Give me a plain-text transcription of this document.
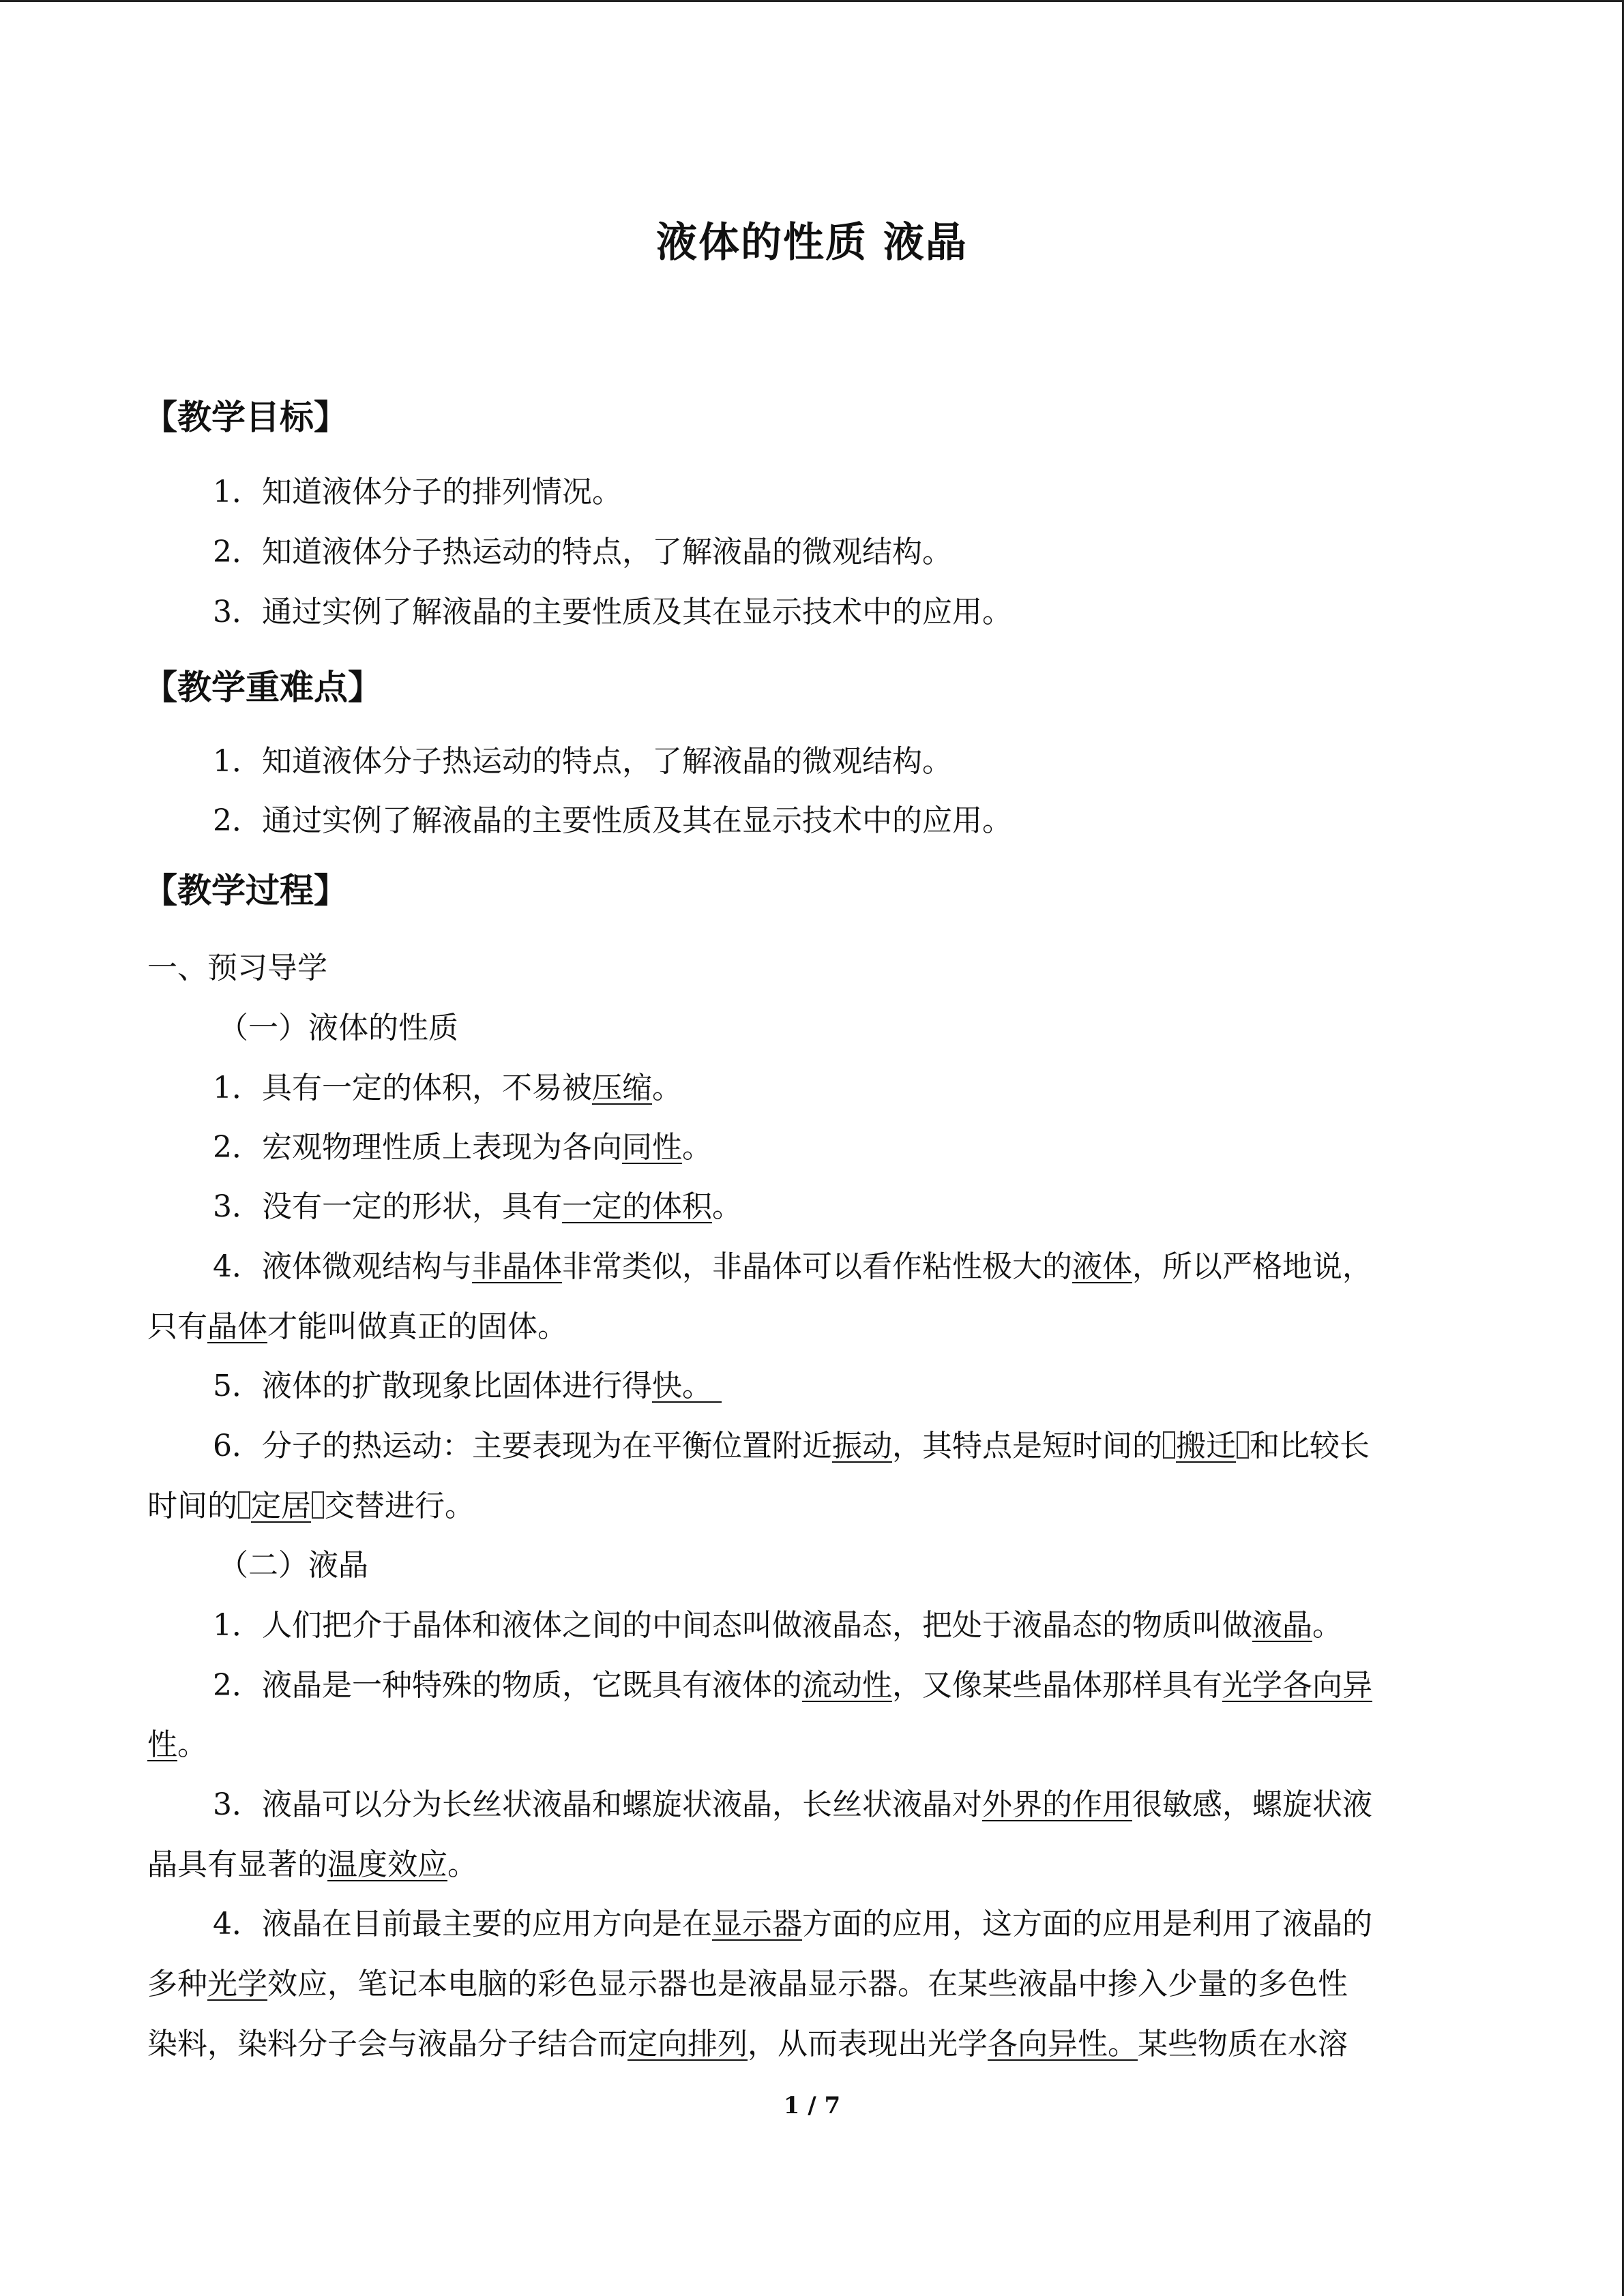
液体的性质 液晶
【教学目标】
1．知道液体分子的排列情况。
2．知道液体分子热运动的特点，了解液晶的微观结构。
3．通过实例了解液晶的主要性质及其在显示技术中的应用。
【教学重难点】
1．知道液体分子热运动的特点，了解液晶的微观结构。
2．通过实例了解液晶的主要性质及其在显示技术中的应用。
【教学过程】
一、预习导学
（一）液体的性质
1．具有一定的体积，不易被压缩。
2．宏观物理性质上表现为各向同性。
3．没有一定的形状，具有一定的体积。
4．液体微观结构与非晶体非常类似，非晶体可以看作粘性极大的液体，所以严格地说，
只有晶体才能叫做真正的固体。
5．液体的扩散现象比固体进行得快。
6．分子的热运动：主要表现为在平衡位置附近振动，其特点是短时间的 搬迁 和比较长
时间的 定居 交替进行。
（二）液晶
1．人们把介于晶体和液体之间的中间态叫做液晶态，把处于液晶态的物质叫做液晶。
2．液晶是一种特殊的物质，它既具有液体的流动性，又像某些晶体那样具有光学各向异
性。
3．液晶可以分为长丝状液晶和螺旋状液晶，长丝状液晶对外界的作用很敏感，螺旋状液
晶具有显著的温度效应。
4．液晶在目前最主要的应用方向是在显示器方面的应用，这方面的应用是利用了液晶的
多种光学效应，笔记本电脑的彩色显示器也是液晶显示器。在某些液晶中掺入少量的多色性
染料，染料分子会与液晶分子结合而定向排列，从而表现出光学各向异性。某些物质在水溶
1 / 7
